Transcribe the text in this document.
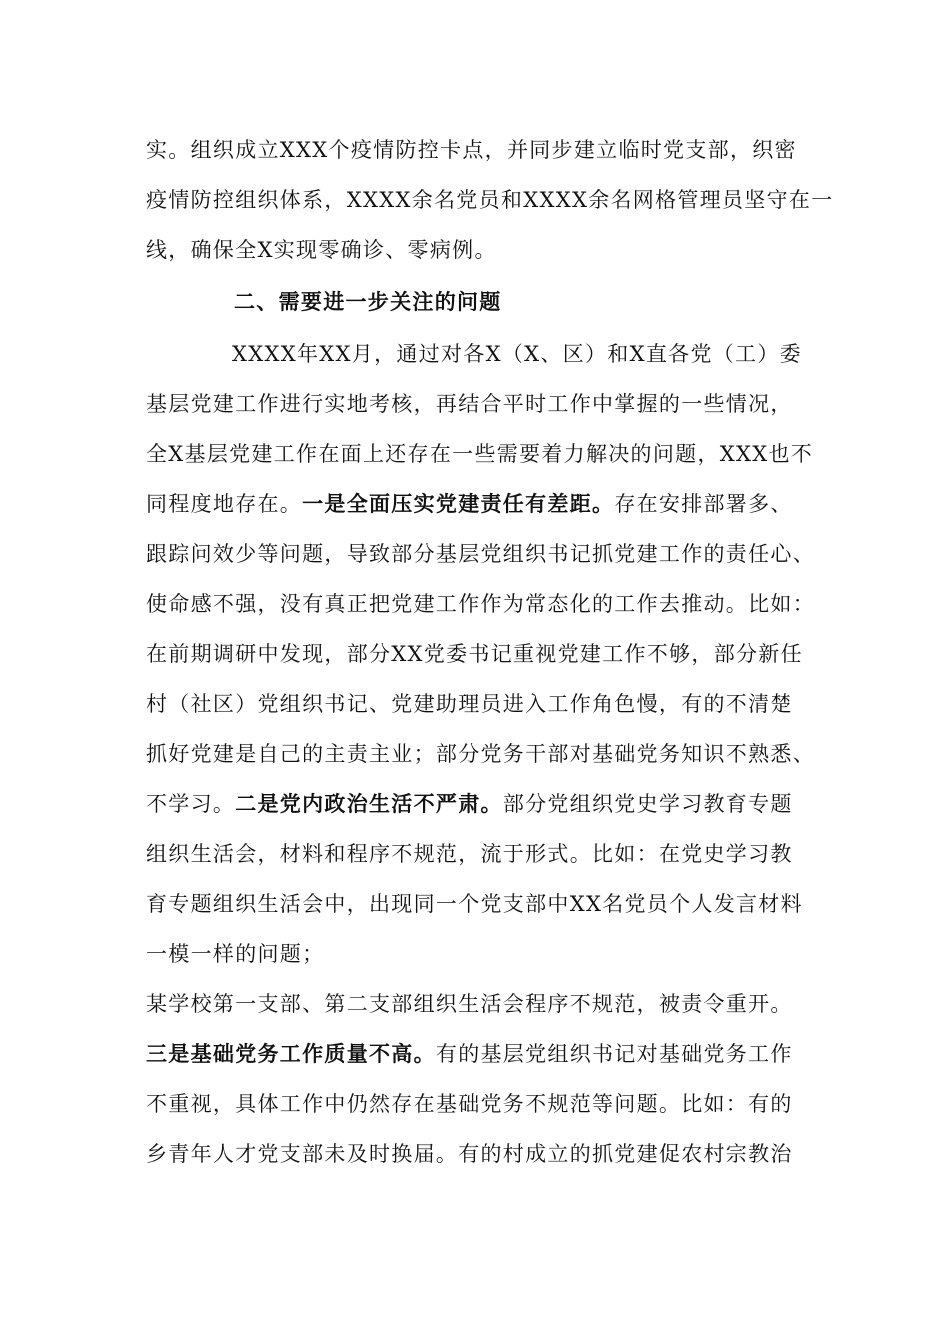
实。组织成立XXX个疫情防控卡点，并同步建立临时党支部，织密
疫情防控组织体系，XXXX余名党员和XXXX余名网格管理员坚守在一
线，确保全X实现零确诊、零病例。
二、需要进一步关注的问题
XXXX年XX月，通过对各X（X、区）和X直各党（工）委
基层党建工作进行实地考核，再结合平时工作中掌握的一些情况，
全X基层党建工作在面上还存在一些需要着力解决的问题，XXX也不
同程度地存在。一是全面压实党建责任有差距。存在安排部署多、
跟踪问效少等问题，导致部分基层党组织书记抓党建工作的责任心、
使命感不强，没有真正把党建工作作为常态化的工作去推动。比如：
在前期调研中发现，部分XX党委书记重视党建工作不够，部分新任
村（社区）党组织书记、党建助理员进入工作角色慢，有的不清楚
抓好党建是自己的主责主业；部分党务干部对基础党务知识不熟悉、
不学习。二是党内政治生活不严肃。部分党组织党史学习教育专题
组织生活会，材料和程序不规范，流于形式。比如：在党史学习教
育专题组织生活会中，出现同一个党支部中XX名党员个人发言材料
一模一样的问题；
某学校第一支部、第二支部组织生活会程序不规范，被责令重开。
三是基础党务工作质量不高。有的基层党组织书记对基础党务工作
不重视，具体工作中仍然存在基础党务不规范等问题。比如：有的
乡青年人才党支部未及时换届。有的村成立的抓党建促农村宗教治
